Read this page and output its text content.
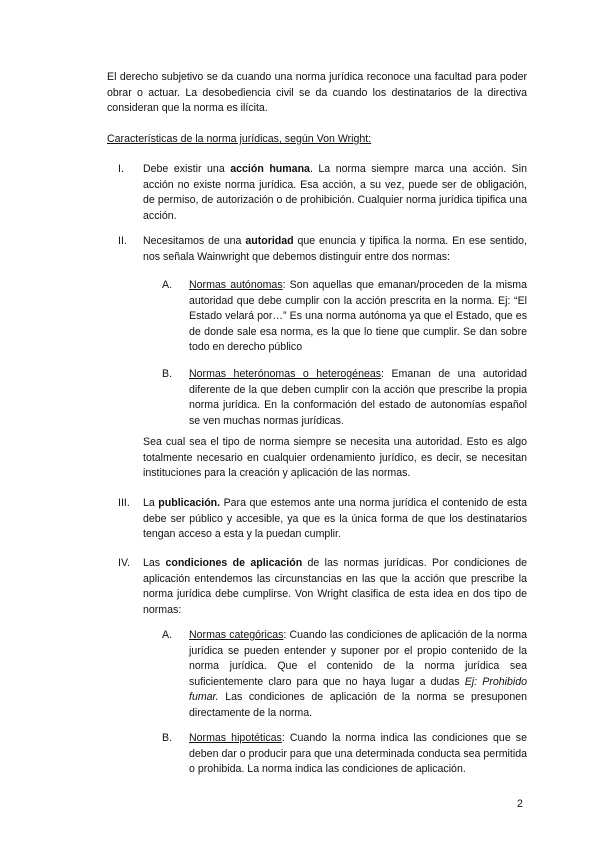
El derecho subjetivo se da cuando una norma jurídica reconoce una facultad para poder obrar o actuar. La desobediencia civil se da cuando los destinatarios de la directiva consideran que la norma es ilícita.

Características de la norma jurídicas, según Von Wright:

I. Debe existir una acción humana. La norma siempre marca una acción. Sin acción no existe norma jurídica. Esa acción, a su vez, puede ser de obligación, de permiso, de autorización o de prohibición. Cualquier norma jurídica tipifica una acción.

II. Necesitamos de una autoridad que enuncia y tipifica la norma. En ese sentido, nos señala Wainwright que debemos distinguir entre dos normas:

A. Normas autónomas: Son aquellas que emanan/proceden de la misma autoridad que debe cumplir con la acción prescrita en la norma. Ej: “El Estado velará por…” Es una norma autónoma ya que el Estado, que es de donde sale esa norma, es la que lo tiene que cumplir. Se dan sobre todo en derecho público

B. Normas heterónomas o heterogéneas: Emanan de una autoridad diferente de la que deben cumplir con la acción que prescribe la propia norma jurídica. En la conformación del estado de autonomías español se ven muchas normas jurídicas.

Sea cual sea el tipo de norma siempre se necesita una autoridad. Esto es algo totalmente necesario en cualquier ordenamiento jurídico, es decir, se necesitan instituciones para la creación y aplicación de las normas.

III. La publicación. Para que estemos ante una norma jurídica el contenido de esta debe ser público y accesible, ya que es la única forma de que los destinatarios tengan acceso a esta y la puedan cumplir.

IV. Las condiciones de aplicación de las normas jurídicas. Por condiciones de aplicación entendemos las circunstancias en las que la acción que prescribe la norma jurídica debe cumplirse. Von Wright clasifica de esta idea en dos tipo de normas:

A. Normas categóricas: Cuando las condiciones de aplicación de la norma jurídica se pueden entender y suponer por el propio contenido de la norma jurídica. Que el contenido de la norma jurídica sea suficientemente claro para que no haya lugar a dudas Ej: Prohibido fumar. Las condiciones de aplicación de la norma se presuponen directamente de la norma.

B. Normas hipotéticas: Cuando la norma indica las condiciones que se deben dar o producir para que una determinada conducta sea permitida o prohibida. La norma indica las condiciones de aplicación.

2
